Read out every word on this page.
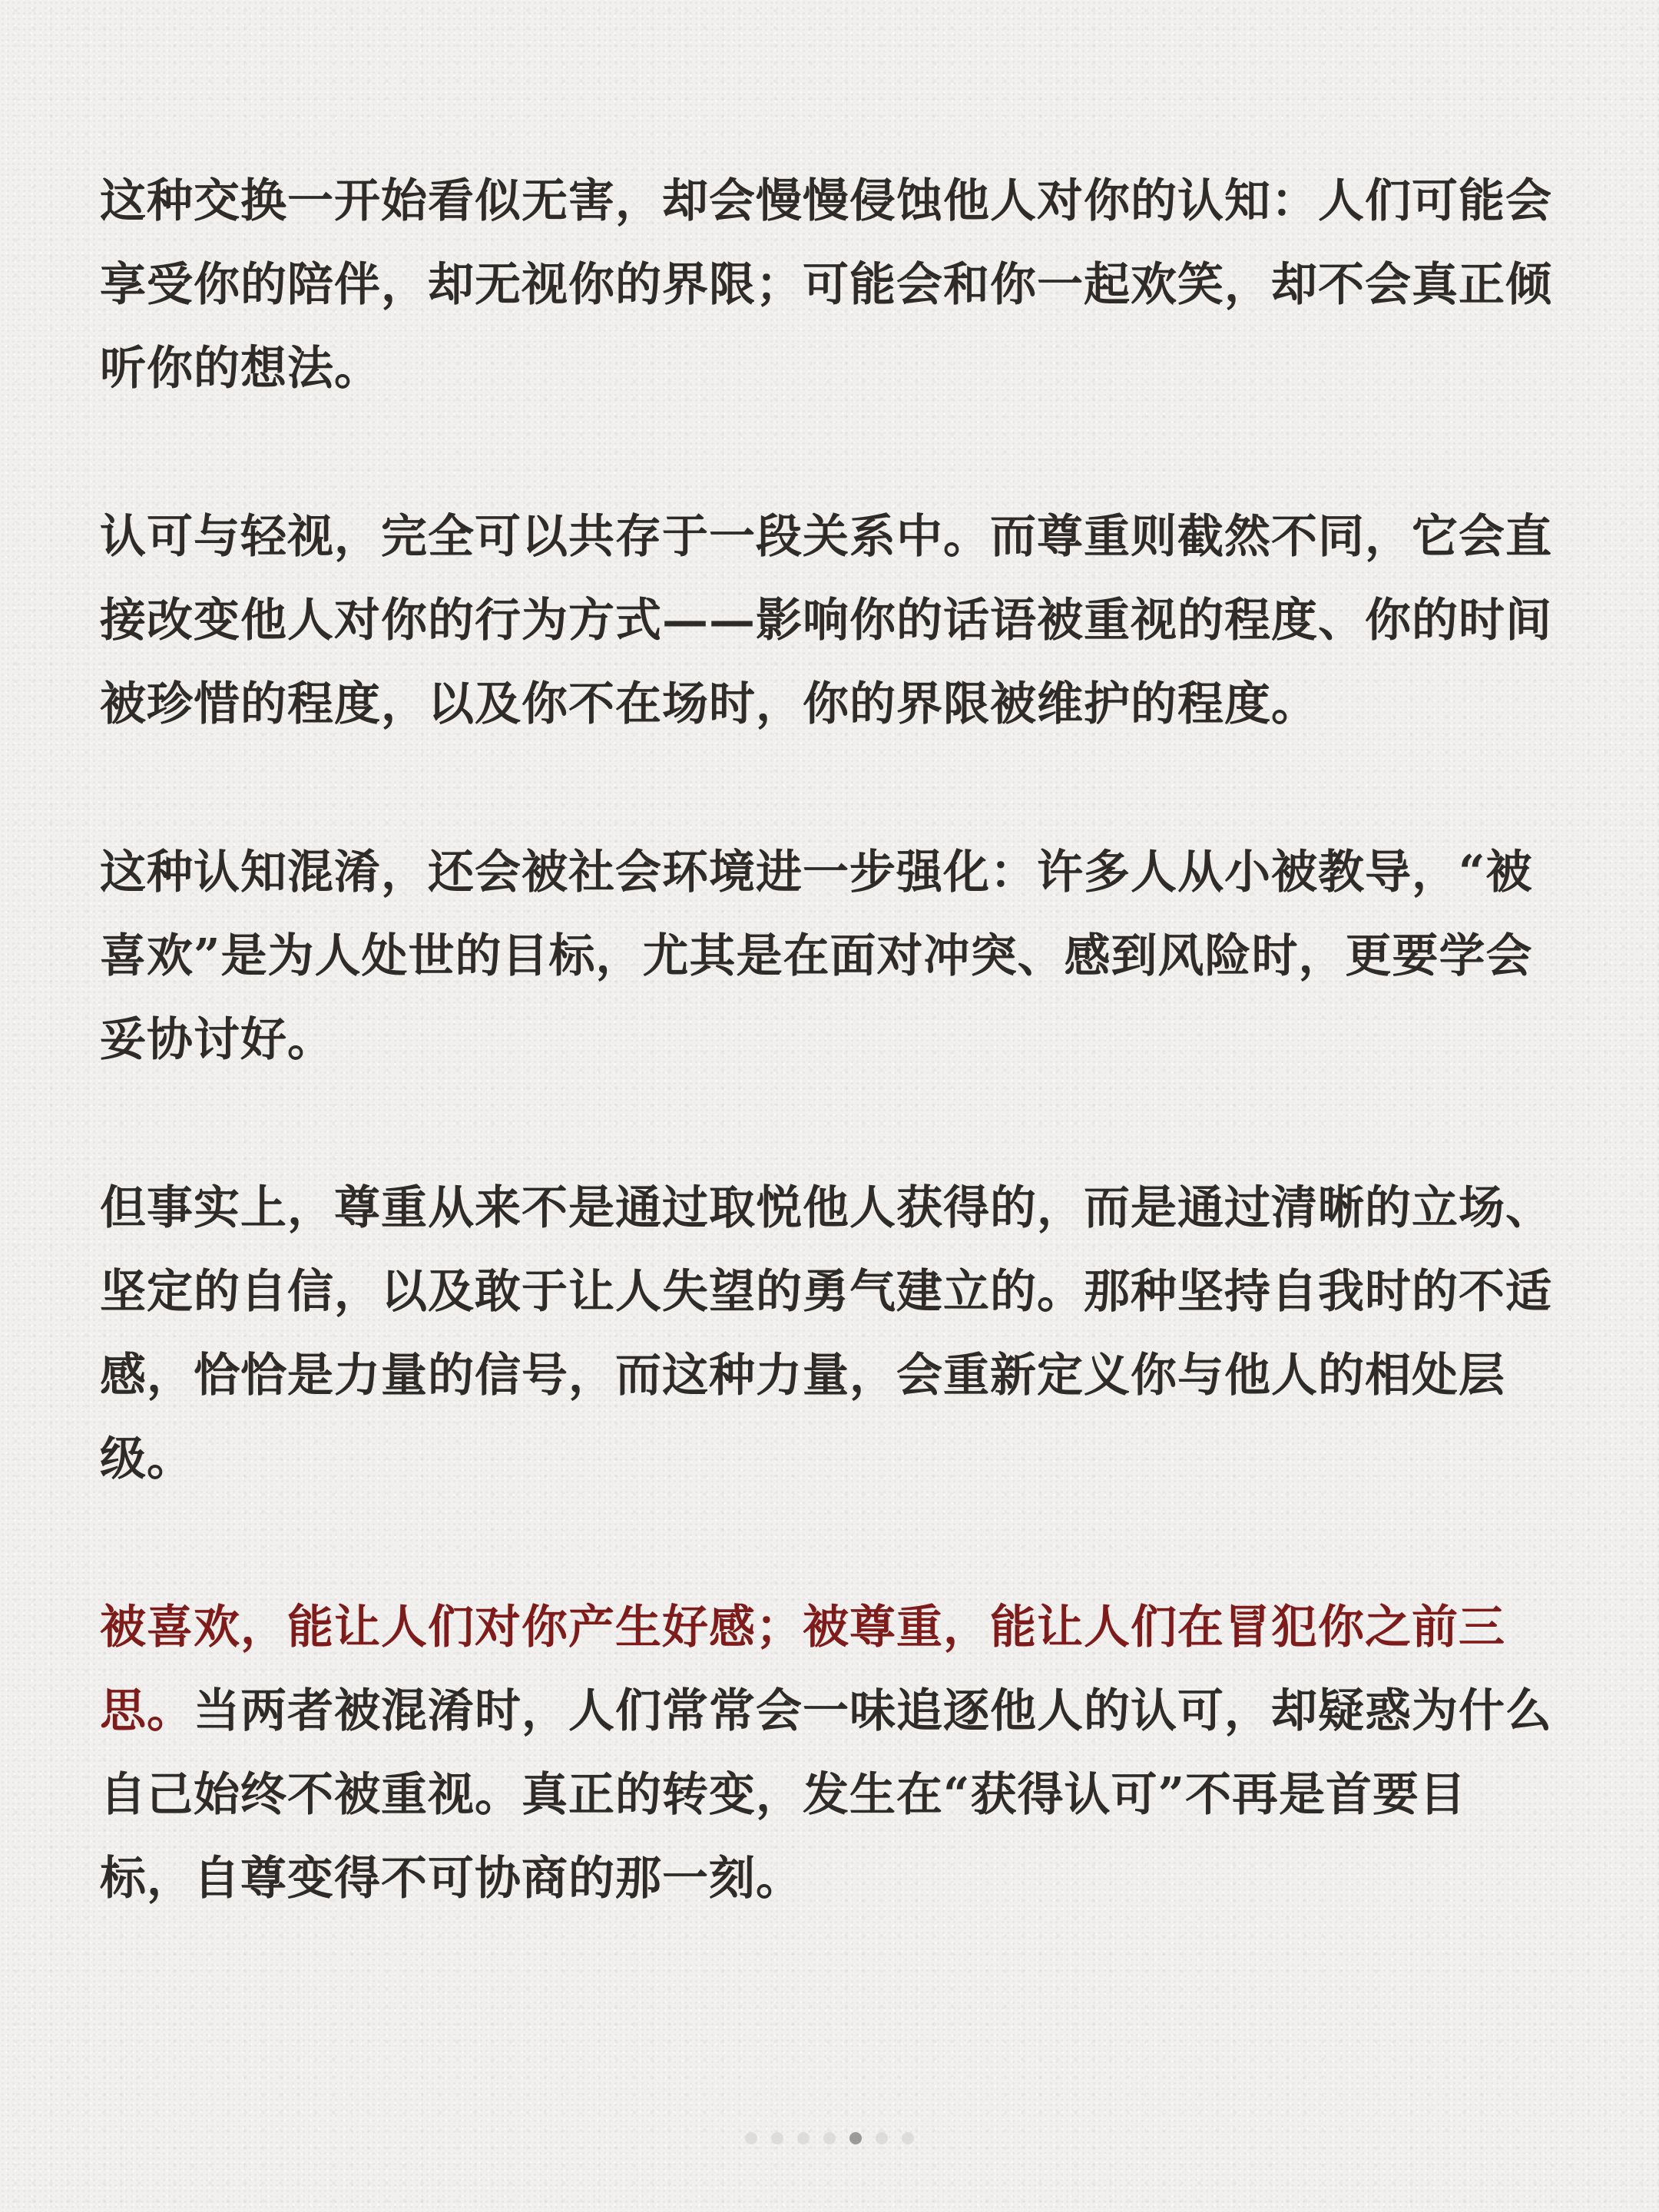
这种交换一开始看似无害，却会慢慢侵蚀他人对你的认知：人们可能会享受你的陪伴，却无视你的界限；可能会和你一起欢笑，却不会真正倾听你的想法。

认可与轻视，完全可以共存于一段关系中。而尊重则截然不同，它会直接改变他人对你的行为方式——影响你的话语被重视的程度、你的时间被珍惜的程度，以及你不在场时，你的界限被维护的程度。

这种认知混淆，还会被社会环境进一步强化：许多人从小被教导，“被喜欢”是为人处世的目标，尤其是在面对冲突、感到风险时，更要学会妥协讨好。

但事实上，尊重从来不是通过取悦他人获得的，而是通过清晰的立场、坚定的自信，以及敢于让人失望的勇气建立的。那种坚持自我时的不适感，恰恰是力量的信号，而这种力量，会重新定义你与他人的相处层级。

被喜欢，能让人们对你产生好感；被尊重，能让人们在冒犯你之前三思。当两者被混淆时，人们常常会一味追逐他人的认可，却疑惑为什么自己始终不被重视。真正的转变，发生在“获得认可”不再是首要目标，自尊变得不可协商的那一刻。
